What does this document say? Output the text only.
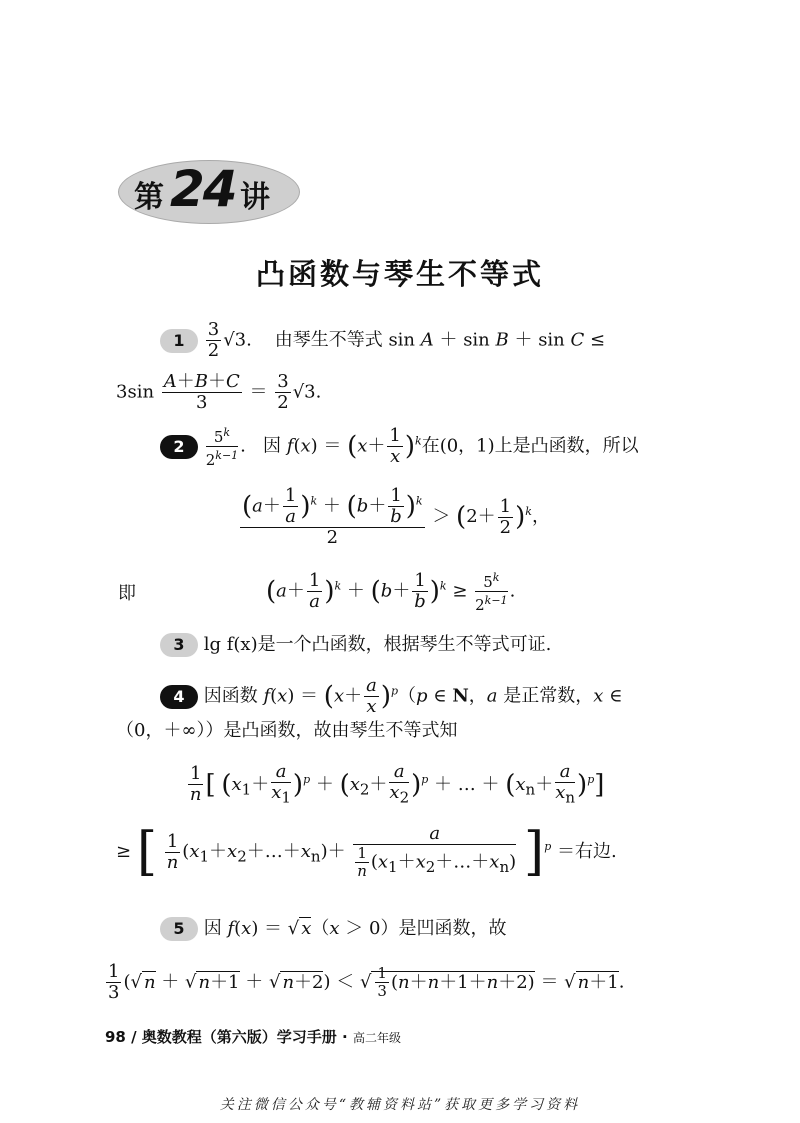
第 24 讲
凸函数与琴生不等式
$1 \frac{3}{2} √3$.    由琴生不等式 sin A ＋ sin B ＋ sin C ≤
$3\sin \frac{A+B+C}{3} = \frac{3}{2} √3$.
$2 \frac{5^k}{2^{k-1}}$ .   因 $f(x) = (x+ \frac{1}{x} )^k$在(0，1)上是凸函数，所以
$\frac{(a+ \frac{1}{a} )^k + (b+ \frac{1}{b} )^k}{2} > (2+ \frac{1}{2} )^k$，
即	$(a+ \frac{1}{a} )^k + (b+ \frac{1}{b} )^k \ge \frac{5^k}{2^{k-1}}$ .
3 lg f(x)是一个凸函数，根据琴生不等式可证.
4 因函数 $f(x) = (x+ \frac{a}{x} )^p(p$ ∈ N，a 是正常数，x ∈
（0，＋∞））是凸函数，故由琴生不等式知
$\frac{1}{n}$ [ $(x_1+ \frac{a}{x_1} )^p + (x_2+ \frac{a}{x_2} )^p$ ＋ … ＋ $(x_n+ \frac{a}{x_n} )^p$]
≥ [ $\frac{1}{n}$ $(x_1+x_2+\dots+x_n)+ \frac{a}{\frac{1}{n} (x_1+x_2+\dots+x_n)} ]^p$ ＝右边.
5 因 f(x) ＝ √ x（x ＞ 0）是凹函数，故
$\frac{1}{3}$ (√ n ＋ √ n＋1 ＋ √ n＋2) ＜ √ $\frac{1}{3} (n+n+1+n+2)$ ＝ √ n＋1.
98 / 奥数教程（第六版）学习手册 · 高二年级
关注微信公众号“教辅资料站”获取更多学习资料
